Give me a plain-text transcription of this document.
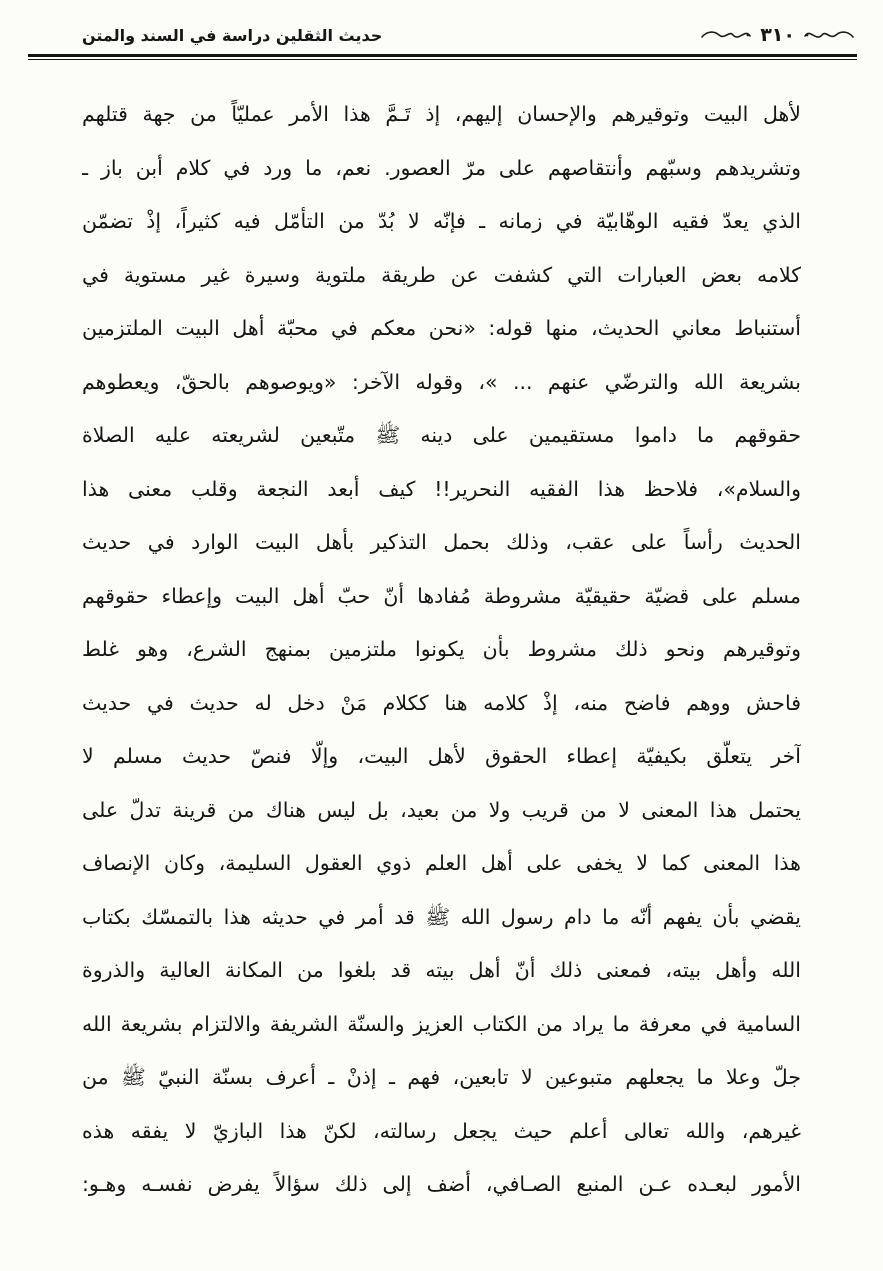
٣١٠
حديث الثقلين دراسة في السند والمتن
لأهل البيت وتوقيرهم والإحسان إليهم، إذ تَـمَّ هذا الأمر عمليّاً من جهة قتلهم
وتشريدهم وسبّهم وأنتقاصهم على مرّ العصور. نعم، ما ورد في كلام أبن باز ـ
الذي يعدّ فقيه الوهّابيّة في زمانه ـ فإنّه لا بُدّ من التأمّل فيه كثيراً، إذْ تضمّن
كلامه بعض العبارات التي كشفت عن طريقة ملتوية وسيرة غير مستوية في
أستنباط معاني الحديث، منها قوله: «نحن معكم في محبّة أهل البيت الملتزمين
بشريعة الله والترضّي عنهم ... »، وقوله الآخر: «ويوصوهم بالحقّ، ويعطوهم
حقوقهم ما داموا مستقيمين على دينه ﷺ متّبعين لشريعته عليه الصلاة
والسلام»، فلاحظ هذا الفقيه النحرير!! كيف أبعد النجعة وقلب معنى هذا
الحديث رأساً على عقب، وذلك بحمل التذكير بأهل البيت الوارد في حديث
مسلم على قضيّة حقيقيّة مشروطة مُفادها أنّ حبّ أهل البيت وإعطاء حقوقهم
وتوقيرهم ونحو ذلك مشروط بأن يكونوا ملتزمين بمنهج الشرع، وهو غلط
فاحش ووهم فاضح منه، إذْ كلامه هنا ككلام مَنْ دخل له حديث في حديث
آخر يتعلّق بكيفيّة إعطاء الحقوق لأهل البيت، وإلّا فنصّ حديث مسلم لا
يحتمل هذا المعنى لا من قريب ولا من بعيد، بل ليس هناك من قرينة تدلّ على
هذا المعنى كما لا يخفى على أهل العلم ذوي العقول السليمة، وكان الإنصاف
يقضي بأن يفهم أنّه ما دام رسول الله ﷺ قد أمر في حديثه هذا بالتمسّك بكتاب
الله وأهل بيته، فمعنى ذلك أنّ أهل بيته قد بلغوا من المكانة العالية والذروة
السامية في معرفة ما يراد من الكتاب العزيز والسنّة الشريفة والالتزام بشريعة الله
جلّ وعلا ما يجعلهم متبوعين لا تابعين، فهم ـ إذنْ ـ أعرف بسنّة النبيّ ﷺ من
غيرهم، والله تعالى أعلم حيث يجعل رسالته، لكنّ هذا البازيّ لا يفقه هذه
الأمور لبعـده عـن المنبع الصـافي، أضف إلى ذلك سؤالاً يفرض نفسـه وهـو:
